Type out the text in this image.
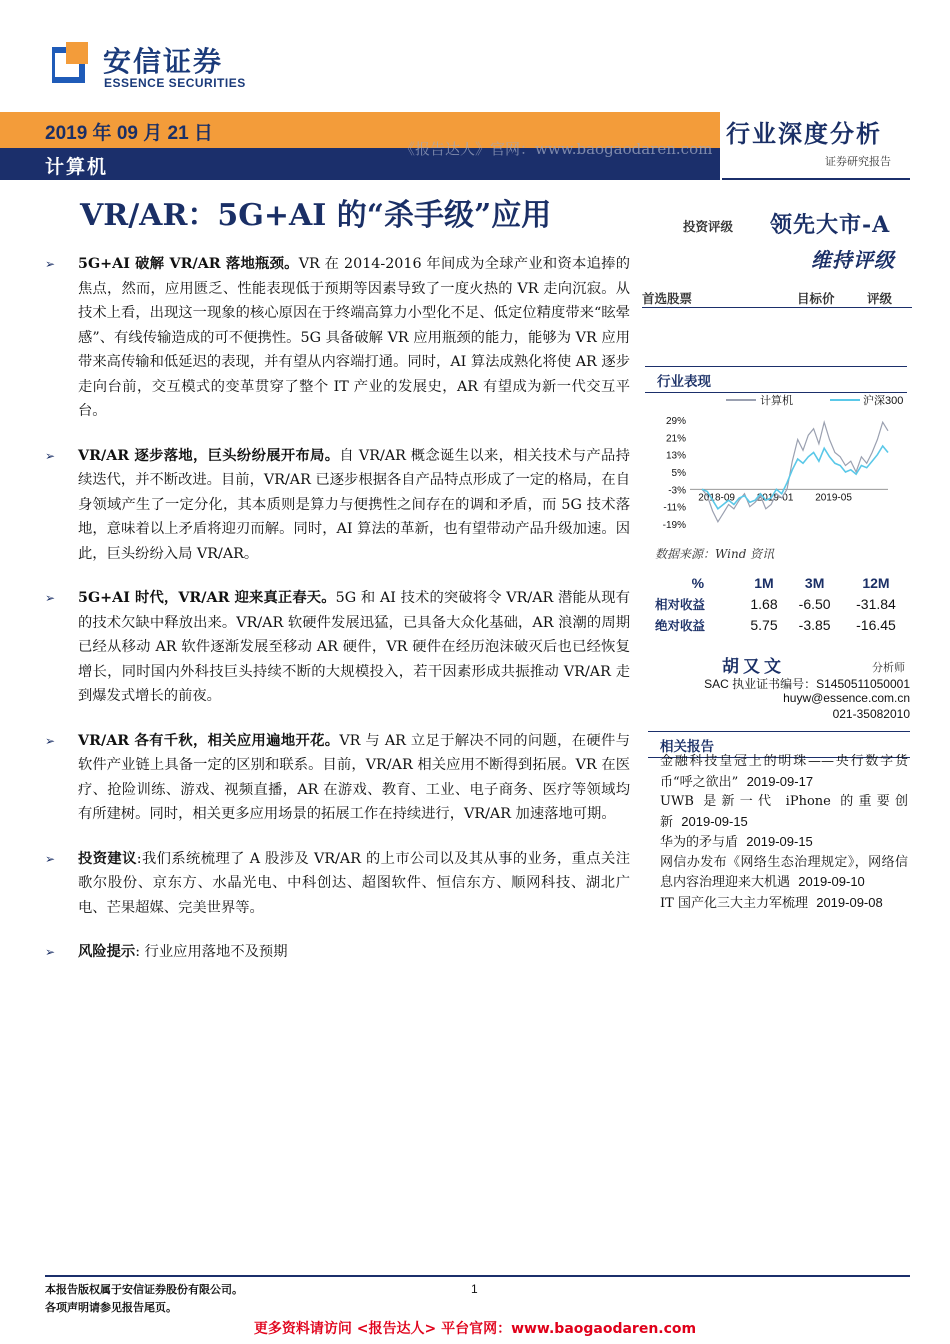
安信证券
ESSENCE SECURITIES
2019 年 09 月 21 日
计算机
《报告达人》官网：www.baogaodaren.com
行业深度分析
证券研究报告
VR/AR：5G+AI 的“杀手级”应用
➢ 5G+AI 破解 VR/AR 落地瓶颈。VR 在 2014-2016 年间成为全球产业和资本追捧的焦点，然而，应用匮乏、性能表现低于预期等因素导致了一度火热的 VR 走向沉寂。从技术上看，出现这一现象的核心原因在于终端高算力小型化不足、低定位精度带来“眩晕感”、有线传输造成的可不便携性。5G 具备破解 VR 应用瓶颈的能力，能够为 VR 应用带来高传输和低延迟的表现，并有望从内容端打通。同时，AI 算法成熟化将使 AR 逐步走向台前，交互模式的变革贯穿了整个 IT 产业的发展史，AR 有望成为新一代交互平台。
➢ VR/AR 逐步落地，巨头纷纷展开布局。自 VR/AR 概念诞生以来，相关技术与产品持续迭代，并不断改进。目前，VR/AR 已逐步根据各自产品特点形成了一定的格局，在自身领域产生了一定分化，其本质则是算力与便携性之间存在的调和矛盾，而 5G 技术落地，意味着以上矛盾将迎刃而解。同时，AI 算法的革新，也有望带动产品升级加速。因此，巨头纷纷入局 VR/AR。
➢ 5G+AI 时代，VR/AR 迎来真正春天。5G 和 AI 技术的突破将令 VR/AR 潜能从现有的技术欠缺中释放出来。VR/AR 软硬件发展迅猛，已具备大众化基础，AR 浪潮的周期已经从移动 AR 软件逐渐发展至移动 AR 硬件，VR 硬件在经历泡沫破灭后也已经恢复增长，同时国内外科技巨头持续不断的大规模投入，若干因素形成共振推动 VR/AR 走到爆发式增长的前夜。
➢ VR/AR 各有千秋，相关应用遍地开花。VR 与 AR 立足于解决不同的问题，在硬件与软件产业链上具备一定的区别和联系。目前，VR/AR 相关应用不断得到拓展。VR 在医疗、抢险训练、游戏、视频直播，AR 在游戏、教育、工业、电子商务、医疗等领域均有所建树。同时，相关更多应用场景的拓展工作在持续进行，VR/AR 加速落地可期。
➢ 投资建议:我们系统梳理了 A 股涉及 VR/AR 的上市公司以及其从事的业务，重点关注歌尔股份、京东方、水晶光电、中科创达、超图软件、恒信东方、顺网科技、湖北广电、芒果超媒、完美世界等。
➢ 风险提示: 行业应用落地不及预期
投资评级 领先大市-A
维持评级
首选股票	目标价	评级
行业表现
计算机	沪深300
29%
21%
13%
5%
-3%
-11%
-19%
2018-09 2019-01 2019-05
数据来源：Wind 资讯
%	1M	3M	12M
相对收益	1.68	-6.50	-31.84
绝对收益	5.75	-3.85	-16.45
胡又文	分析师
SAC 执业证书编号：S1450511050001
huyw@essence.com.cn
021-35082010
相关报告
金融科技皇冠上的明珠——央行数字货币“呼之欲出” 2019-09-17
UWB 是新一代 iPhone 的重要创新 2019-09-15
华为的矛与盾 2019-09-15
网信办发布《网络生态治理规定》，网络信息内容治理迎来大机遇 2019-09-10
IT 国产化三大主力军梳理 2019-09-08
本报告版权属于安信证券股份有限公司。
各项声明请参见报告尾页。
1
更多资料请访问 <报告达人> 平台官网：www.baogaodaren.com
